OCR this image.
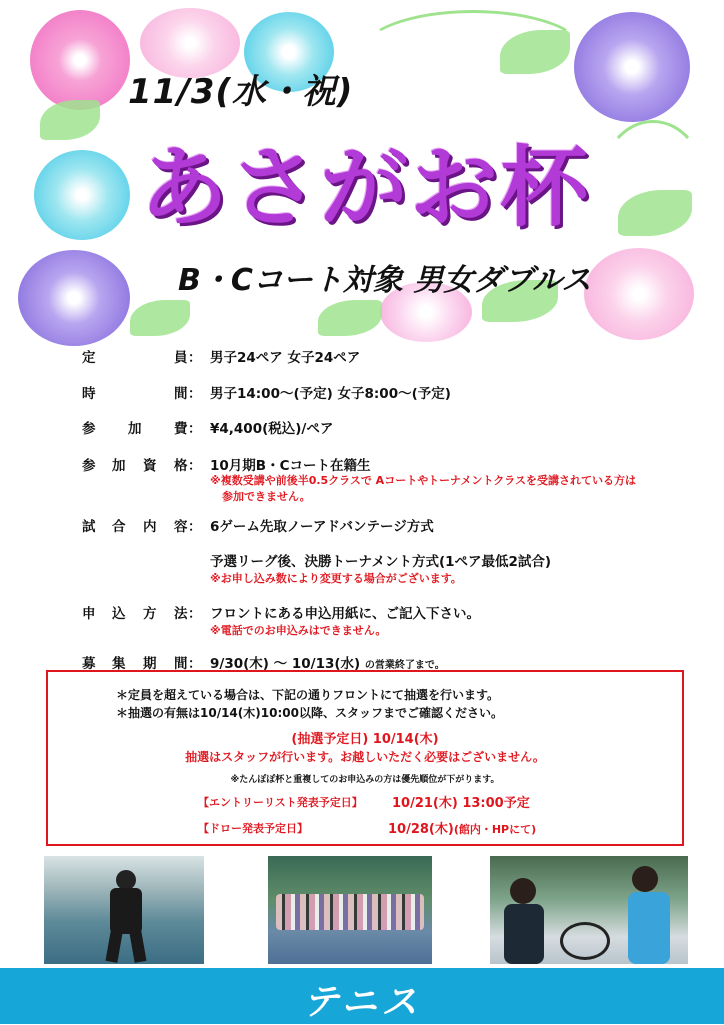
11/3(水・祝)
あさがお杯
B・Cコート対象 男女ダブルス
定	員 ： 男子24ペア 女子24ペア
時	間 ： 男子14:00～(予定) 女子8:00～(予定)
参 加 費 ： ¥4,400(税込)/ペア
参 加 資 格 ： 10月期B・Cコート在籍生
※複数受講や前後半0.5クラスで Aコートやトーナメントクラスを受講されている方は
参加できません。
試 合 内 容 ： 6ゲーム先取ノーアドバンテージ方式
予選リーグ後、決勝トーナメント方式(1ペア最低2試合)
※お申し込み数により変更する場合がございます。
申 込 方 法 ： フロントにある申込用紙に、ご記入下さい。
※電話でのお申込みはできません。
募 集 期 間 ： 9/30(木) ～ 10/13(水) の営業終了まで。
＊定員を超えている場合は、下記の通りフロントにて抽選を行います。
＊抽選の有無は10/14(木)10:00以降、スタッフまでご確認ください。
(抽選予定日) 10/14(木)
抽選はスタッフが行います。お越しいただく必要はございません。
※たんぽぽ杯と重複してのお申込みの方は優先順位が下がります。
【エントリーリスト発表予定日】 10/21(木) 13:00予定
【ドロー発表予定日】	10/28(木)(館内・HPにて)
テニス
